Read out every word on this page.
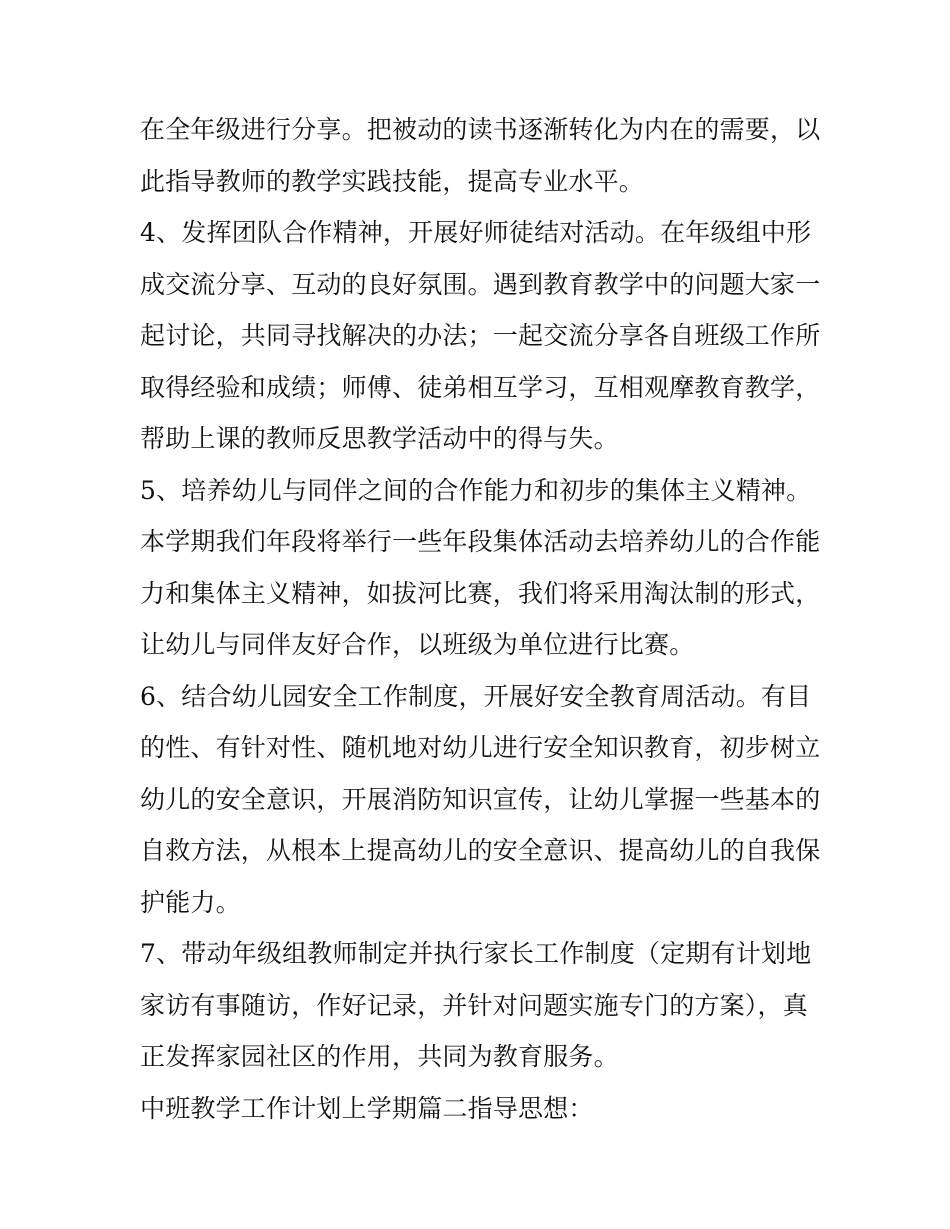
在全年级进行分享。把被动的读书逐渐转化为内在的需要，以
此指导教师的教学实践技能，提高专业水平。
4、发挥团队合作精神，开展好师徒结对活动。在年级组中形
成交流分享、互动的良好氛围。遇到教育教学中的问题大家一
起讨论，共同寻找解决的办法；一起交流分享各自班级工作所
取得经验和成绩；师傅、徒弟相互学习，互相观摩教育教学，
帮助上课的教师反思教学活动中的得与失。
5、培养幼儿与同伴之间的合作能力和初步的集体主义精神。
本学期我们年段将举行一些年段集体活动去培养幼儿的合作能
力和集体主义精神，如拔河比赛，我们将采用淘汰制的形式，
让幼儿与同伴友好合作，以班级为单位进行比赛。
6、结合幼儿园安全工作制度，开展好安全教育周活动。有目
的性、有针对性、随机地对幼儿进行安全知识教育，初步树立
幼儿的安全意识，开展消防知识宣传，让幼儿掌握一些基本的
自救方法，从根本上提高幼儿的安全意识、提高幼儿的自我保
护能力。
7、带动年级组教师制定并执行家长工作制度（定期有计划地
家访有事随访，作好记录，并针对问题实施专门的方案），真
正发挥家园社区的作用，共同为教育服务。
中班教学工作计划上学期篇二指导思想：
